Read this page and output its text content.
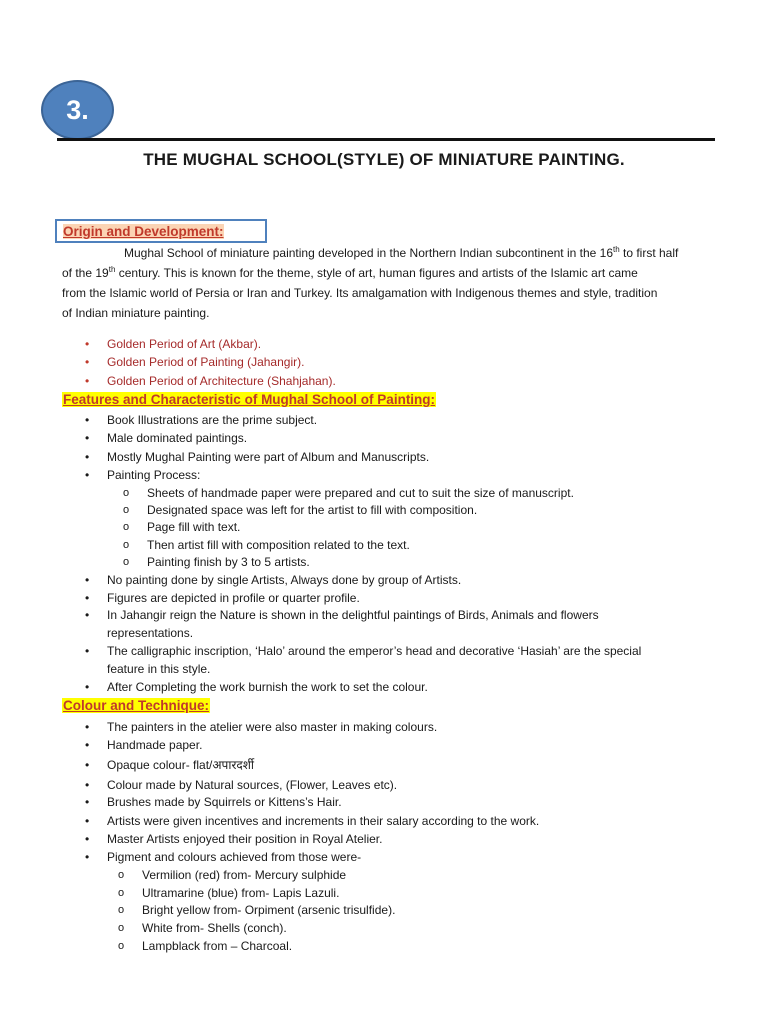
3.
THE MUGHAL SCHOOL(STYLE) OF MINIATURE PAINTING.
Origin and Development:
Mughal School of miniature painting developed in the Northern Indian subcontinent in the 16th to first half
of the 19th century. This is known for the theme, style of art, human figures and artists of the Islamic art came
from the Islamic world of Persia or Iran and Turkey. Its amalgamation with Indigenous themes and style, tradition
of Indian miniature painting.
• Golden Period of Art (Akbar).
• Golden Period of Painting (Jahangir).
• Golden Period of Architecture (Shahjahan).
Features and Characteristic of Mughal School of Painting:
• Book Illustrations are the prime subject.
• Male dominated paintings.
• Mostly Mughal Painting were part of Album and Manuscripts.
• Painting Process:
o Sheets of handmade paper were prepared and cut to suit the size of manuscript.
o Designated space was left for the artist to fill with composition.
o Page fill with text.
o Then artist fill with composition related to the text.
o Painting finish by 3 to 5 artists.
• No painting done by single Artists, Always done by group of Artists.
• Figures are depicted in profile or quarter profile.
• In Jahangir reign the Nature is shown in the delightful paintings of Birds, Animals and flowers
representations.
• The calligraphic inscription, ‘Halo’ around the emperor’s head and decorative ‘Hasiah’ are the special
feature in this style.
• After Completing the work burnish the work to set the colour.
Colour and Technique:
• The painters in the atelier were also master in making colours.
• Handmade paper.
• Opaque colour- flat/अपारदर्शी
• Colour made by Natural sources, (Flower, Leaves etc).
• Brushes made by Squirrels or Kittens’s Hair.
• Artists were given incentives and increments in their salary according to the work.
• Master Artists enjoyed their position in Royal Atelier.
• Pigment and colours achieved from those were-
o Vermilion (red) from- Mercury sulphide
o Ultramarine (blue) from- Lapis Lazuli.
o Bright yellow from- Orpiment (arsenic trisulfide).
o White from- Shells (conch).
o Lampblack from – Charcoal.
